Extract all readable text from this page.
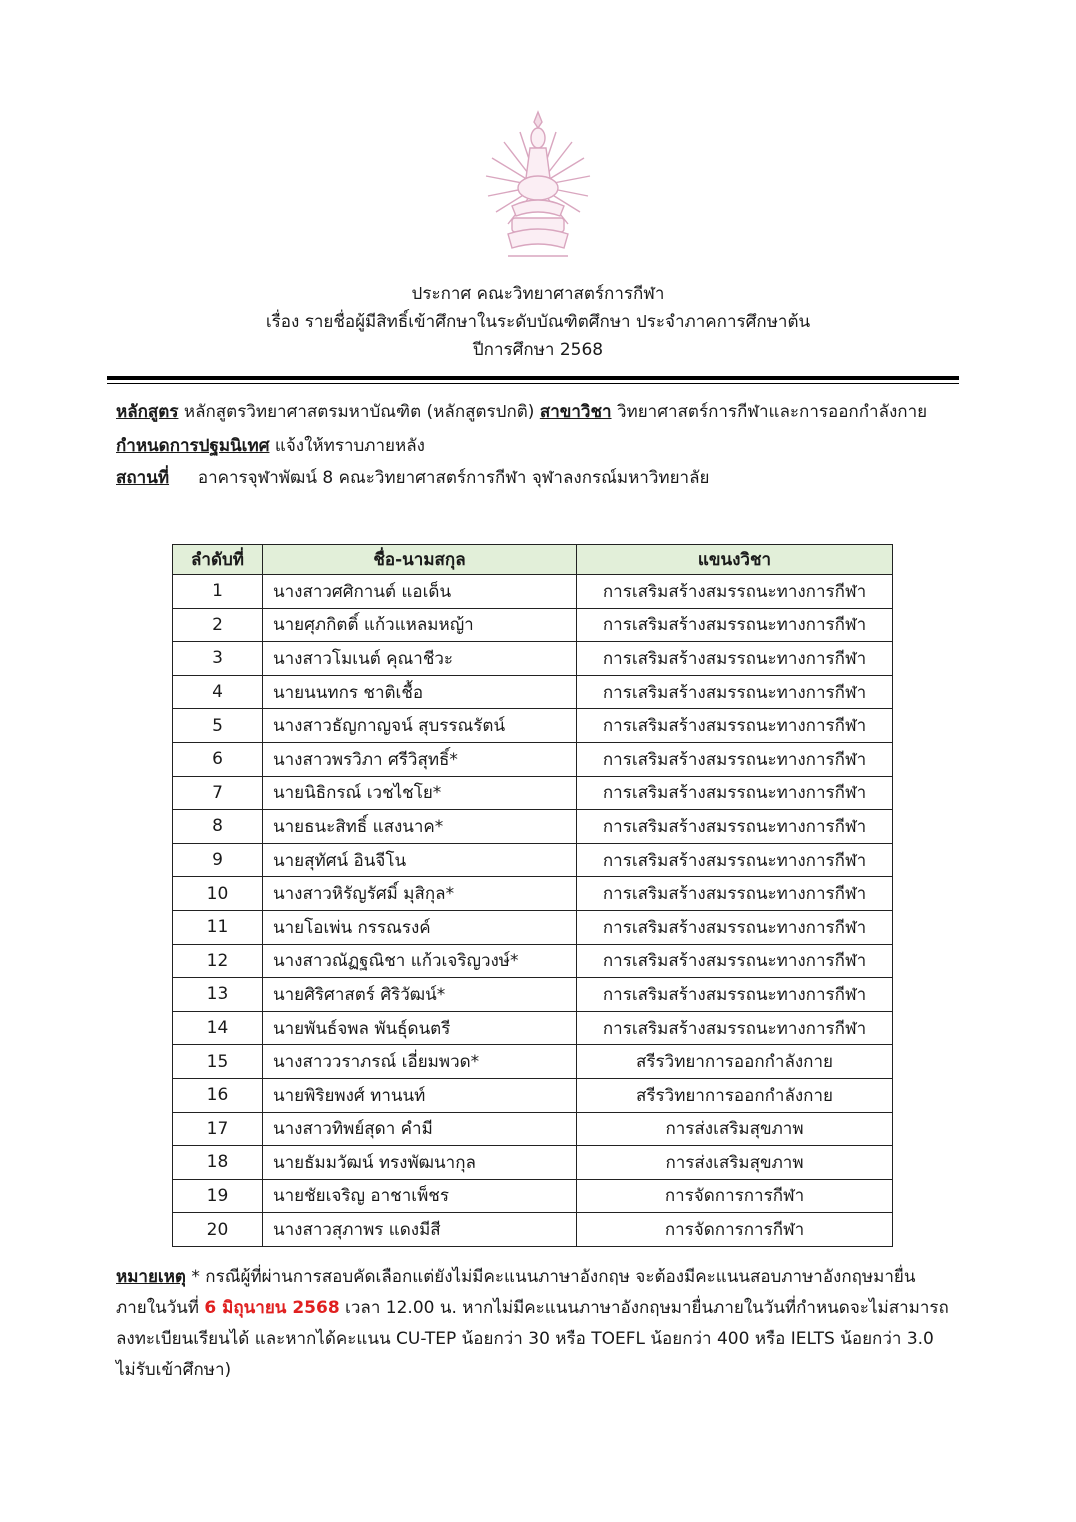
ประกาศ คณะวิทยาศาสตร์การกีฬา
เรื่อง รายชื่อผู้มีสิทธิ์เข้าศึกษาในระดับบัณฑิตศึกษา ประจำภาคการศึกษาต้น
ปีการศึกษา 2568
หลักสูตร หลักสูตรวิทยาศาสตรมหาบัณฑิต (หลักสูตรปกติ) สาขาวิชา วิทยาศาสตร์การกีฬาและการออกกำลังกาย
กำหนดการปฐมนิเทศ แจ้งให้ทราบภายหลัง
สถานที่ อาคารจุฬาพัฒน์ 8 คณะวิทยาศาสตร์การกีฬา จุฬาลงกรณ์มหาวิทยาลัย
ลำดับที่	ชื่อ-นามสกุล	แขนงวิชา
1	นางสาวศศิกานต์ แอเด็น	การเสริมสร้างสมรรถนะทางการกีฬา
2	นายศุภกิตติ์ แก้วแหลมหญ้า	การเสริมสร้างสมรรถนะทางการกีฬา
3	นางสาวโมเนต์ คุณาชีวะ	การเสริมสร้างสมรรถนะทางการกีฬา
4	นายนนทกร ชาติเชื้อ	การเสริมสร้างสมรรถนะทางการกีฬา
5	นางสาวธัญกาญจน์ สุบรรณรัตน์	การเสริมสร้างสมรรถนะทางการกีฬา
6	นางสาวพรวิภา ศรีวิสุทธิ์*	การเสริมสร้างสมรรถนะทางการกีฬา
7	นายนิธิกรณ์ เวชไชโย*	การเสริมสร้างสมรรถนะทางการกีฬา
8	นายธนะสิทธิ์ แสงนาค*	การเสริมสร้างสมรรถนะทางการกีฬา
9	นายสุทัศน์ อินจีโน	การเสริมสร้างสมรรถนะทางการกีฬา
10	นางสาวหิรัญรัศมิ์ มุสิกุล*	การเสริมสร้างสมรรถนะทางการกีฬา
11	นายโอเพ่น กรรณรงค์	การเสริมสร้างสมรรถนะทางการกีฬา
12	นางสาวณัฏฐณิชา แก้วเจริญวงษ์*	การเสริมสร้างสมรรถนะทางการกีฬา
13	นายศิริศาสตร์ ศิริวัฒน์*	การเสริมสร้างสมรรถนะทางการกีฬา
14	นายพันธ์จพล พันธุ์ดนตรี	การเสริมสร้างสมรรถนะทางการกีฬา
15	นางสาววราภรณ์ เอี่ยมพวด*	สรีรวิทยาการออกกำลังกาย
16	นายพิริยพงศ์ ทานนท์	สรีรวิทยาการออกกำลังกาย
17	นางสาวทิพย์สุดา คำมี	การส่งเสริมสุขภาพ
18	นายธัมมวัฒน์ ทรงพัฒนากุล	การส่งเสริมสุขภาพ
19	นายชัยเจริญ อาชาเพ็ชร	การจัดการการกีฬา
20	นางสาวสุภาพร แดงมีสี	การจัดการการกีฬา
หมายเหตุ * กรณีผู้ที่ผ่านการสอบคัดเลือกแต่ยังไม่มีคะแนนภาษาอังกฤษ จะต้องมีคะแนนสอบภาษาอังกฤษมายื่นภายในวันที่ 6 มิถุนายน 2568 เวลา 12.00 น. หากไม่มีคะแนนภาษาอังกฤษมายื่นภายในวันที่กำหนดจะไม่สามารถลงทะเบียนเรียนได้ และหากได้คะแนน CU-TEP น้อยกว่า 30 หรือ TOEFL น้อยกว่า 400 หรือ IELTS น้อยกว่า 3.0 ไม่รับเข้าศึกษา)
